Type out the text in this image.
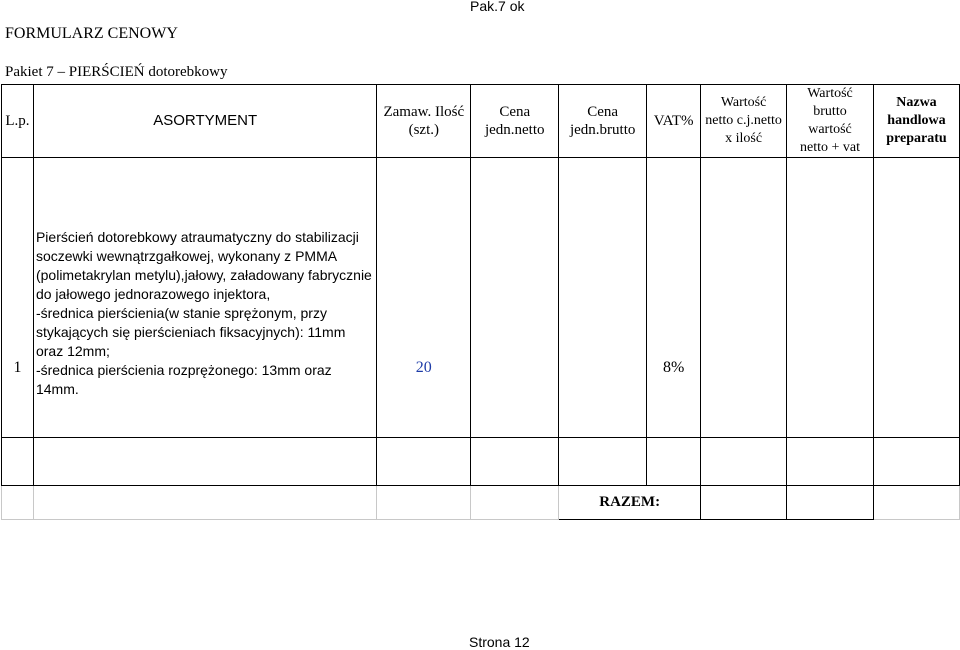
Pak.7 ok
FORMULARZ CENOWY
Pakiet 7 – PIERŚCIEŃ dotorebkowy
L.p.	ASORTYMENT	Zamaw. Ilość (szt.)	Cena jedn.netto	Cena jedn.brutto	VAT%	Wartość netto c.j.netto x ilość	Wartość brutto wartość netto + vat	Nazwa handlowa preparatu

1	Pierścień dotorebkowy atraumatyczny do stabilizacji soczewki wewnątrzgałkowej, wykonany z PMMA (polimetakrylan metylu),jałowy, załadowany fabrycznie do jałowego jednorazowego injektora,
-średnica pierścienia(w stanie sprężonym, przy stykających się pierścieniach fiksacyjnych): 11mm oraz 12mm;
-średnica pierścienia rozprężonego: 13mm oraz 14mm.	20			8%			

				RAZEM:				
Strona 12
